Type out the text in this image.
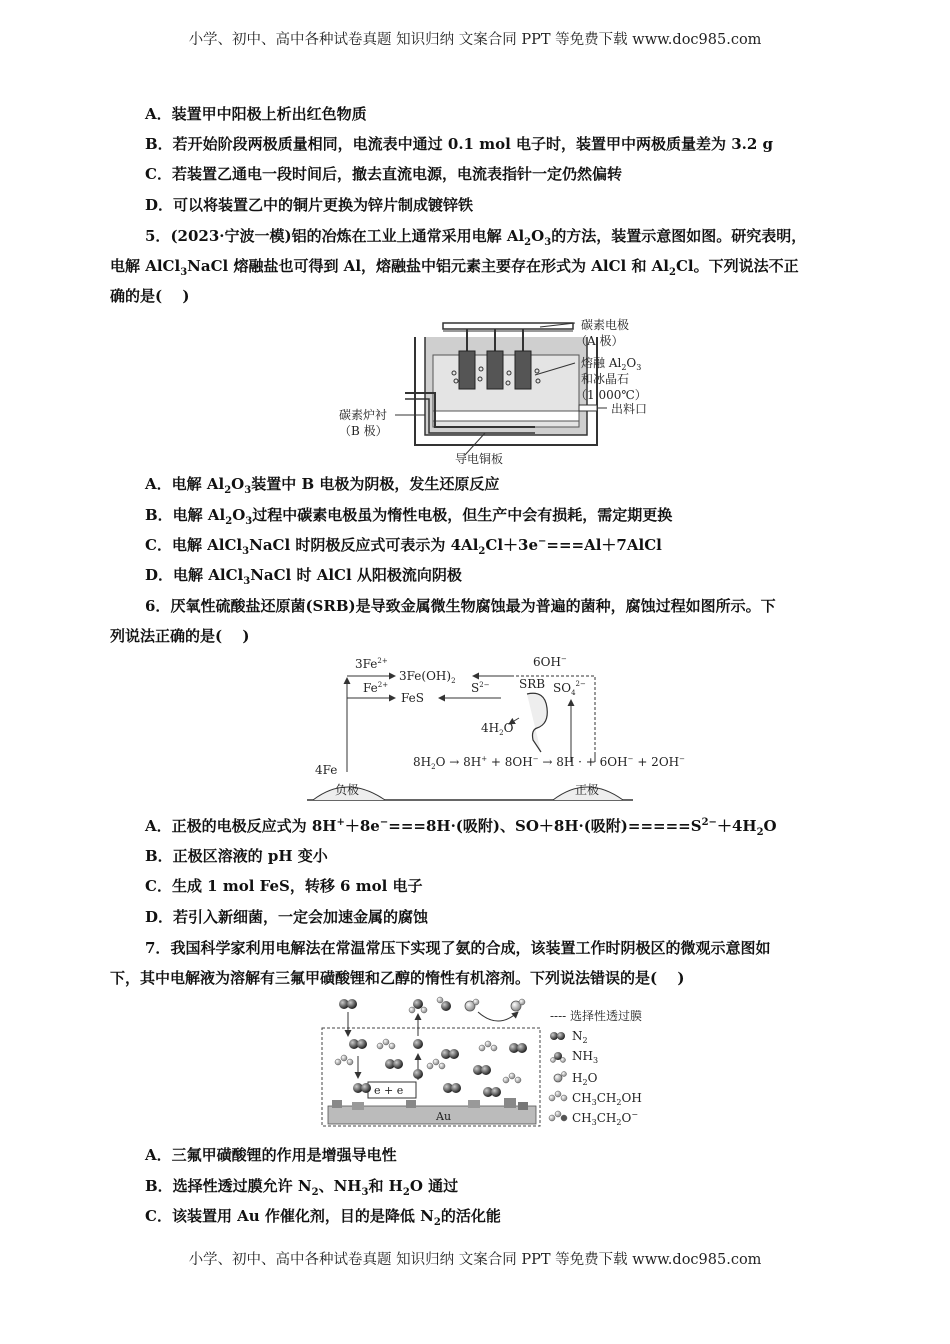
小学、初中、高中各种试卷真题 知识归纳 文案合同 PPT 等免费下载 www.doc985.com
A．装置甲中阳极上析出红色物质
B．若开始阶段两极质量相同，电流表中通过 0.1 mol 电子时，装置甲中两极质量差为 3.2 g
C．若装置乙通电一段时间后，撤去直流电源，电流表指针一定仍然偏转
D．可以将装置乙中的铜片更换为锌片制成镀锌铁
5．(2023·宁波一模)铝的冶炼在工业上通常采用电解 $Al_2O_3$的方法，装置示意图如图。研究表明，
电解 AlCl$_3$NaCl 熔融盐也可得到 Al，熔融盐中铝元素主要存在形式为 AlCl 和 $Al_2Cl$。下列说法不正
确的是(　 )
碳素电极
（A 极）
熔融 $Al_2O_3$
和冰晶石
（1 000℃）
出料口
碳素炉衬
（B 极）
导电铜板
A．电解 $Al_2O_3$装置中 B 电极为阴极，发生还原反应
B．电解 $Al_2O_3$过程中碳素电极虽为惰性电极，但生产中会有损耗，需定期更换
C．电解 AlCl$_3$NaCl 时阴极反应式可表示为 $4Al_2Cl+3e^-===Al+7AlCl$
D．电解 AlCl$_3$NaCl 时 AlCl 从阳极流向阴极
6．厌氧性硫酸盐还原菌(SRB)是导致金属微生物腐蚀最为普遍的菌种，腐蚀过程如图所示。下
列说法正确的是(　 )
负极	正极
4Fe
$3Fe^{2+}$
$3Fe(OH)_2$
6OH−
$Fe^{2+}$
FeS
$S^{2-}$ SRB $SO_4^{2-}$
$4H_2O$
$8H_2O \to 8H^+ + 8OH^- \to 8H$ · + 6OH− + 2OH−
A．正极的电极反应式为 8H+＋8e−===8H·(吸附)、SO＋8H·(吸附)$=====S^{2-}+4H_2O$
B．正极区溶液的 pH 变小
C．生成 1 mol FeS，转移 6 mol 电子
D．若引入新细菌，一定会加速金属的腐蚀
7．我国科学家利用电解法在常温常压下实现了氨的合成，该装置工作时阴极区的微观示意图如
下，其中电解液为溶解有三氟甲磺酸锂和乙醇的惰性有机溶剂。下列说法错误的是(　 )
Au
e + e
---- 选择性透过膜
$N_2$
$NH_3$
$H_2O$
$CH_3CH_2OH$
$CH_3CH_2O^-$
A．三氟甲磺酸锂的作用是增强导电性
B．选择性透过膜允许 $N_2$、$NH_3$和 $H_2O$ 通过
C．该装置用 Au 作催化剂，目的是降低 $N_2$的活化能
小学、初中、高中各种试卷真题 知识归纳 文案合同 PPT 等免费下载 www.doc985.com
